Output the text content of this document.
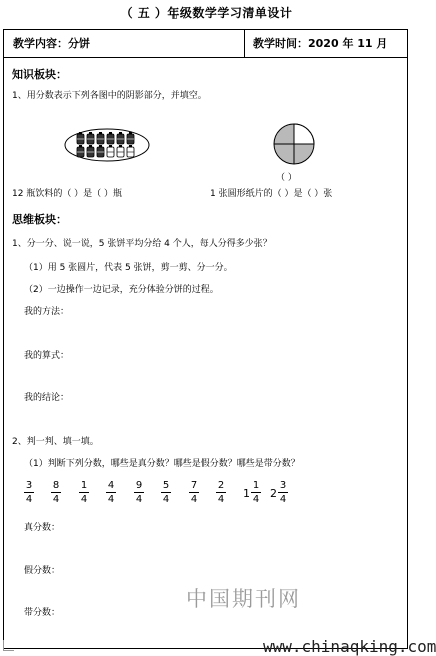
（ 五 ）年级数学学习清单设计
教学内容：分饼	教学时间：2020 年 11 月
知识板块：
1、用分数表示下列各图中的阴影部分，并填空。
（ ）
12 瓶饮料的（ ）是（ ）瓶	1 张圆形纸片的（ ）是（ ）张
思维板块：
1、分一分、说一说，5 张饼平均分给 4 个人，每人分得多少张？
（1）用 5 张圆片，代表 5 张饼，剪一剪、分一分。
（2）一边操作一边记录，充分体验分饼的过程。
我的方法：
我的算式：
我的结论：
2、判一判、填一填。
（1）判断下列分数，哪些是真分数？哪些是假分数？哪些是带分数？
3
4
8
4
1
4
4
4
9
4
5
4
7
4
2
4 1
1
4 2
3
4
真分数：
假分数：
带分数：
中国期刊网
www.chinaqking.com
